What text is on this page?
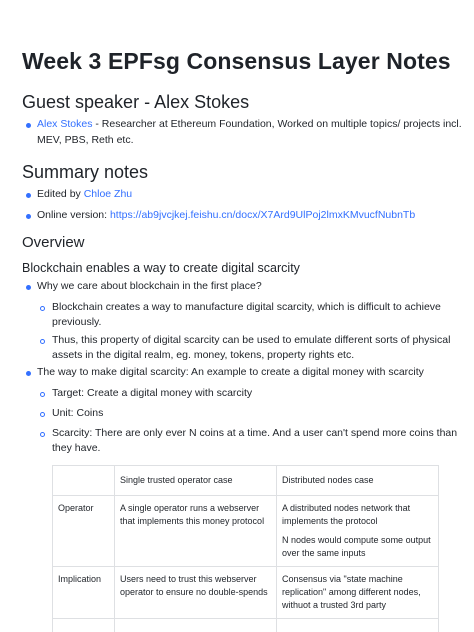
Week 3 EPFsg Consensus Layer Notes
Guest speaker - Alex Stokes
Alex Stokes - Researcher at Ethereum Foundation, Worked on multiple topics/ projects incl.
MEV, PBS, Reth etc.
Summary notes
Edited by Chloe Zhu
Online version: https://ab9jvcjkej.feishu.cn/docx/X7Ard9UlPoj2lmxKMvucfNubnTb
Overview
Blockchain enables a way to create digital scarcity
Why we care about blockchain in the first place?
Blockchain creates a way to manufacture digital scarcity, which is difficult to achieve
previously.
Thus, this property of digital scarcity can be used to emulate different sorts of physical
assets in the digital realm, eg. money, tokens, property rights etc.
The way to make digital scarcity: An example to create a digital money with scarcity
Target: Create a digital money with scarcity
Unit: Coins
Scarcity: There are only ever N coins at a time. And a user can't spend more coins than
they have.
	Single trusted operator case	Distributed nodes case
Operator	A single operator runs a webserver that implements this money protocol	A distributed nodes network that implements the protocol
N nodes would compute some output over the same inputs

Implication	Users need to trust this webserver operator to ensure no double-spends	Consensus via "state machine replication" among different nodes, withuot a trusted 3rd party
